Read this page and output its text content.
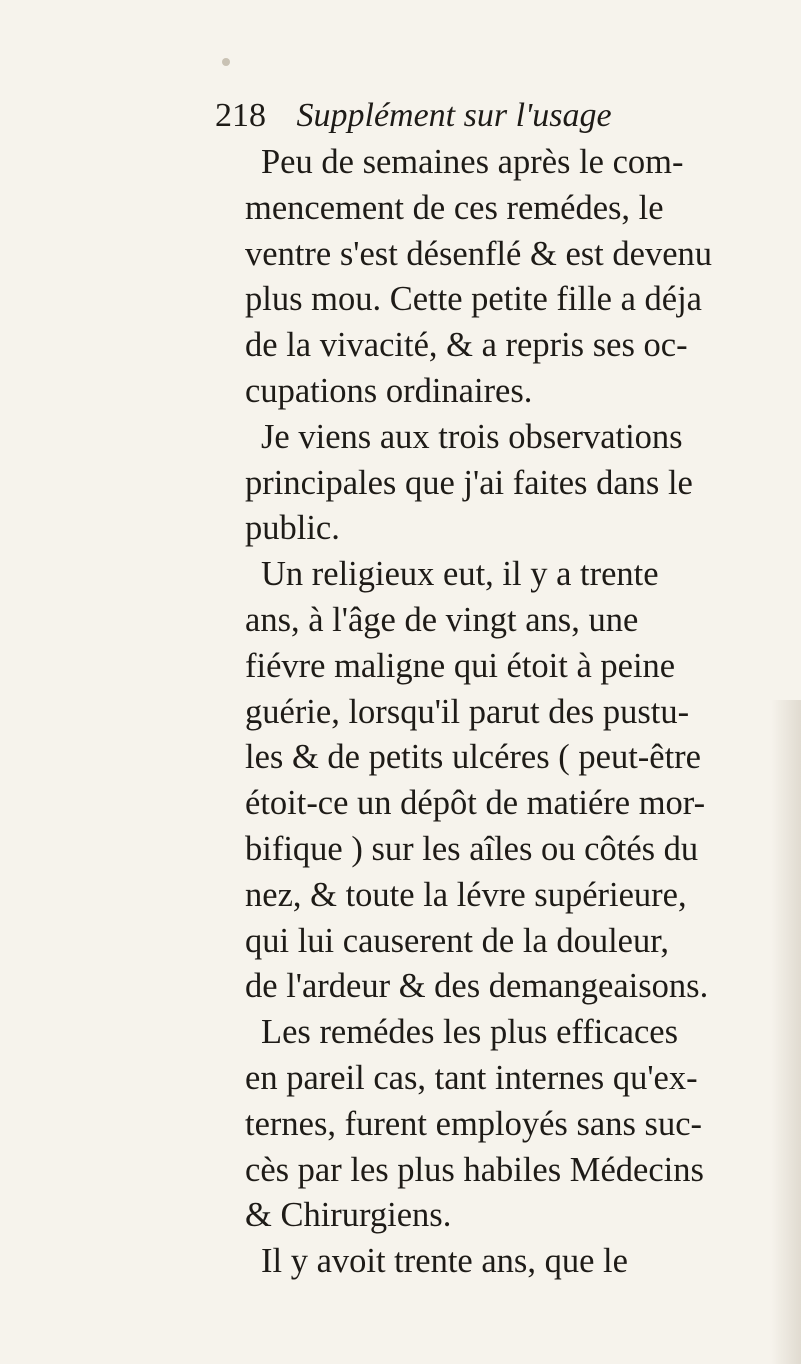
218 Supplément sur l'usage
Peu de semaines après le com-
mencement de ces remédes, le
ventre s'est désenflé & est devenu
plus mou. Cette petite fille a déja
de la vivacité, & a repris ses oc-
cupations ordinaires.
Je viens aux trois observations
principales que j'ai faites dans le
public.
Un religieux eut, il y a trente
ans, à l'âge de vingt ans, une
fiévre maligne qui étoit à peine
guérie, lorsqu'il parut des pustu-
les & de petits ulcéres ( peut-être
étoit-ce un dépôt de matiére mor-
bifique ) sur les aîles ou côtés du
nez, & toute la lévre supérieure,
qui lui causerent de la douleur,
de l'ardeur & des demangeaisons.
Les remédes les plus efficaces
en pareil cas, tant internes qu'ex-
ternes, furent employés sans suc-
cès par les plus habiles Médecins
& Chirurgiens.
Il y avoit trente ans, que le
